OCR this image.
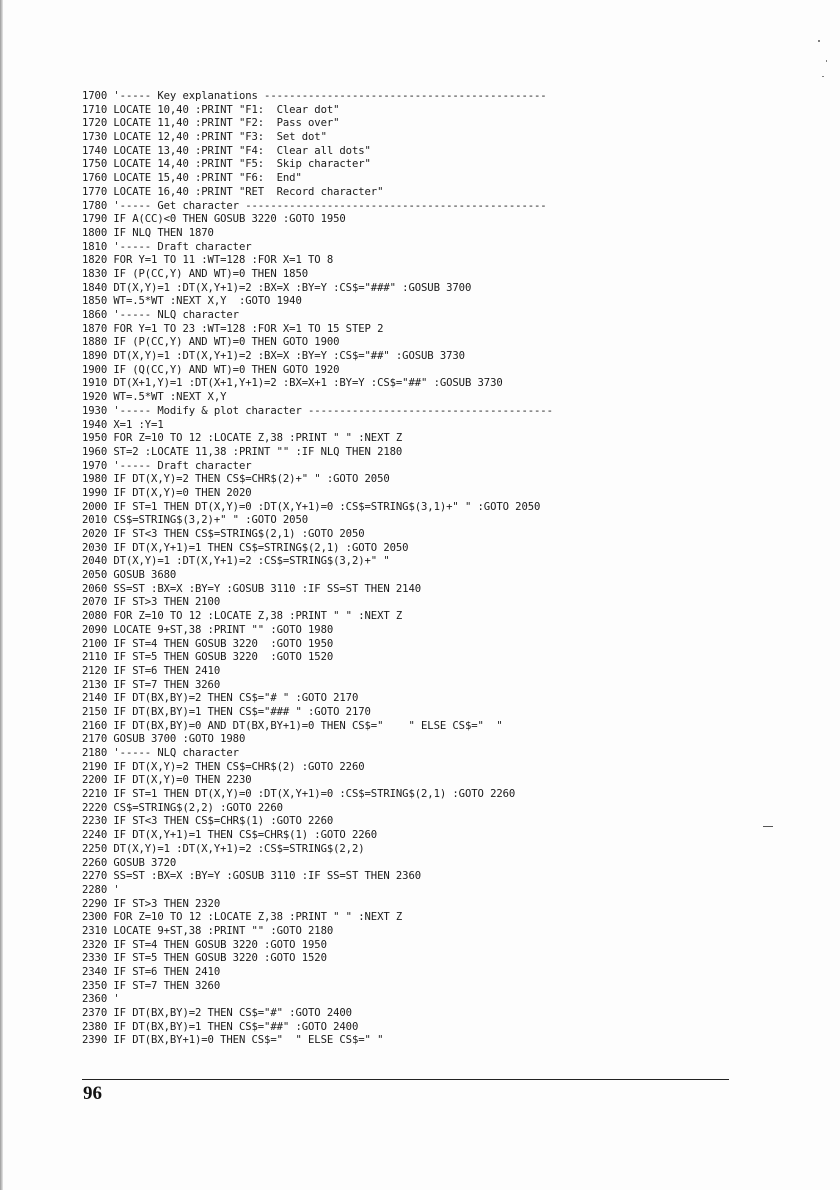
1700 '----- Key explanations ---------------------------------------------
1710 LOCATE 10,40 :PRINT "F1:  Clear dot"
1720 LOCATE 11,40 :PRINT "F2:  Pass over"
1730 LOCATE 12,40 :PRINT "F3:  Set dot"
1740 LOCATE 13,40 :PRINT "F4:  Clear all dots"
1750 LOCATE 14,40 :PRINT "F5:  Skip character"
1760 LOCATE 15,40 :PRINT "F6:  End"
1770 LOCATE 16,40 :PRINT "RET  Record character"
1780 '----- Get character ------------------------------------------------
1790 IF A(CC)<0 THEN GOSUB 3220 :GOTO 1950
1800 IF NLQ THEN 1870
1810 '----- Draft character
1820 FOR Y=1 TO 11 :WT=128 :FOR X=1 TO 8
1830 IF (P(CC,Y) AND WT)=0 THEN 1850
1840 DT(X,Y)=1 :DT(X,Y+1)=2 :BX=X :BY=Y :CS$="###" :GOSUB 3700
1850 WT=.5*WT :NEXT X,Y  :GOTO 1940
1860 '----- NLQ character
1870 FOR Y=1 TO 23 :WT=128 :FOR X=1 TO 15 STEP 2
1880 IF (P(CC,Y) AND WT)=0 THEN GOTO 1900
1890 DT(X,Y)=1 :DT(X,Y+1)=2 :BX=X :BY=Y :CS$="##" :GOSUB 3730
1900 IF (Q(CC,Y) AND WT)=0 THEN GOTO 1920
1910 DT(X+1,Y)=1 :DT(X+1,Y+1)=2 :BX=X+1 :BY=Y :CS$="##" :GOSUB 3730
1920 WT=.5*WT :NEXT X,Y
1930 '----- Modify & plot character ---------------------------------------
1940 X=1 :Y=1
1950 FOR Z=10 TO 12 :LOCATE Z,38 :PRINT " " :NEXT Z
1960 ST=2 :LOCATE 11,38 :PRINT "" :IF NLQ THEN 2180
1970 '----- Draft character
1980 IF DT(X,Y)=2 THEN CS$=CHR$(2)+" " :GOTO 2050
1990 IF DT(X,Y)=0 THEN 2020
2000 IF ST=1 THEN DT(X,Y)=0 :DT(X,Y+1)=0 :CS$=STRING$(3,1)+" " :GOTO 2050
2010 CS$=STRING$(3,2)+" " :GOTO 2050
2020 IF ST<3 THEN CS$=STRING$(2,1) :GOTO 2050
2030 IF DT(X,Y+1)=1 THEN CS$=STRING$(2,1) :GOTO 2050
2040 DT(X,Y)=1 :DT(X,Y+1)=2 :CS$=STRING$(3,2)+" "
2050 GOSUB 3680
2060 SS=ST :BX=X :BY=Y :GOSUB 3110 :IF SS=ST THEN 2140
2070 IF ST>3 THEN 2100
2080 FOR Z=10 TO 12 :LOCATE Z,38 :PRINT " " :NEXT Z
2090 LOCATE 9+ST,38 :PRINT "" :GOTO 1980
2100 IF ST=4 THEN GOSUB 3220  :GOTO 1950
2110 IF ST=5 THEN GOSUB 3220  :GOTO 1520
2120 IF ST=6 THEN 2410
2130 IF ST=7 THEN 3260
2140 IF DT(BX,BY)=2 THEN CS$="# " :GOTO 2170
2150 IF DT(BX,BY)=1 THEN CS$="### " :GOTO 2170
2160 IF DT(BX,BY)=0 AND DT(BX,BY+1)=0 THEN CS$="    " ELSE CS$="  "
2170 GOSUB 3700 :GOTO 1980
2180 '----- NLQ character
2190 IF DT(X,Y)=2 THEN CS$=CHR$(2) :GOTO 2260
2200 IF DT(X,Y)=0 THEN 2230
2210 IF ST=1 THEN DT(X,Y)=0 :DT(X,Y+1)=0 :CS$=STRING$(2,1) :GOTO 2260
2220 CS$=STRING$(2,2) :GOTO 2260
2230 IF ST<3 THEN CS$=CHR$(1) :GOTO 2260
2240 IF DT(X,Y+1)=1 THEN CS$=CHR$(1) :GOTO 2260
2250 DT(X,Y)=1 :DT(X,Y+1)=2 :CS$=STRING$(2,2)
2260 GOSUB 3720
2270 SS=ST :BX=X :BY=Y :GOSUB 3110 :IF SS=ST THEN 2360
2280 '
2290 IF ST>3 THEN 2320
2300 FOR Z=10 TO 12 :LOCATE Z,38 :PRINT " " :NEXT Z
2310 LOCATE 9+ST,38 :PRINT "" :GOTO 2180
2320 IF ST=4 THEN GOSUB 3220 :GOTO 1950
2330 IF ST=5 THEN GOSUB 3220 :GOTO 1520
2340 IF ST=6 THEN 2410
2350 IF ST=7 THEN 3260
2360 '
2370 IF DT(BX,BY)=2 THEN CS$="#" :GOTO 2400
2380 IF DT(BX,BY)=1 THEN CS$="##" :GOTO 2400
2390 IF DT(BX,BY+1)=0 THEN CS$="  " ELSE CS$=" "
96
